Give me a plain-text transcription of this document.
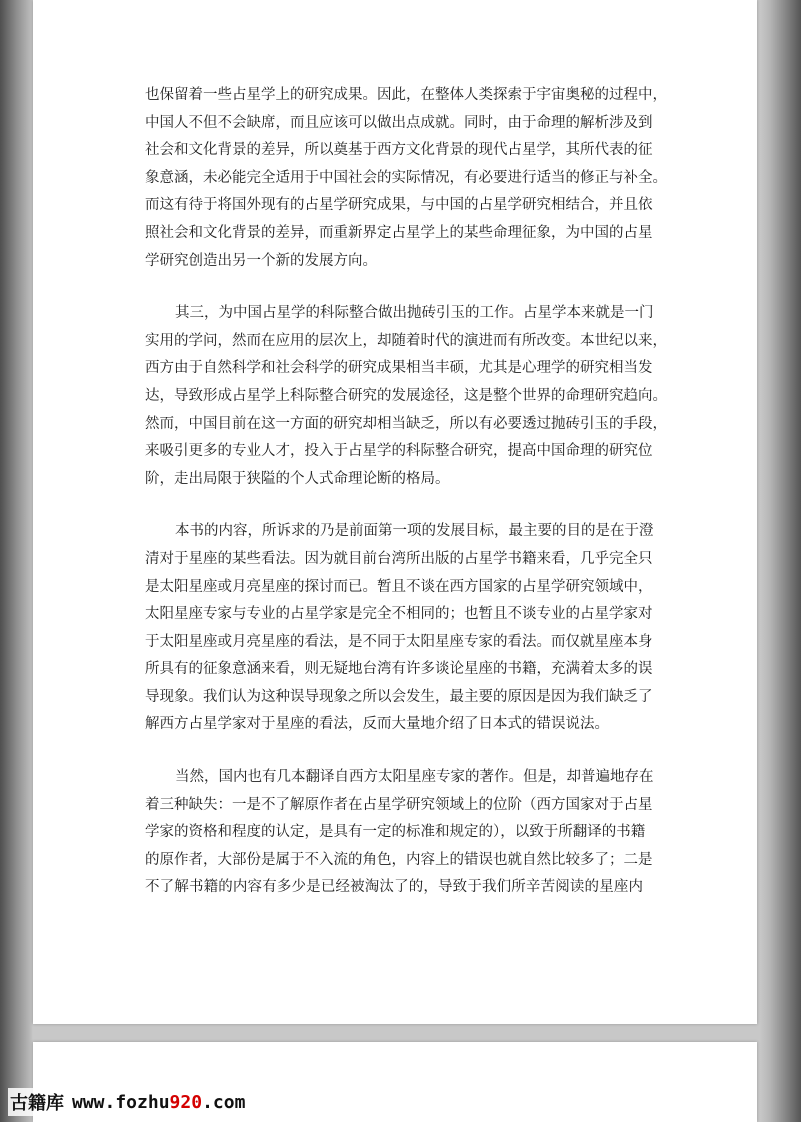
也保留着一些占星学上的研究成果。因此，在整体人类探索于宇宙奥秘的过程中，
中国人不但不会缺席，而且应该可以做出点成就。同时，由于命理的解析涉及到
社会和文化背景的差异，所以奠基于西方文化背景的现代占星学，其所代表的征
象意涵，未必能完全适用于中国社会的实际情况，有必要进行适当的修正与补全。
而这有待于将国外现有的占星学研究成果，与中国的占星学研究相结合，并且依
照社会和文化背景的差异，而重新界定占星学上的某些命理征象，为中国的占星
学研究创造出另一个新的发展方向。

其三，为中国占星学的科际整合做出抛砖引玉的工作。占星学本来就是一门
实用的学问，然而在应用的层次上，却随着时代的演进而有所改变。本世纪以来，
西方由于自然科学和社会科学的研究成果相当丰硕，尤其是心理学的研究相当发
达，导致形成占星学上科际整合研究的发展途径，这是整个世界的命理研究趋向。
然而，中国目前在这一方面的研究却相当缺乏，所以有必要透过抛砖引玉的手段，
来吸引更多的专业人才，投入于占星学的科际整合研究，提高中国命理的研究位
阶，走出局限于狭隘的个人式命理论断的格局。

本书的内容，所诉求的乃是前面第一项的发展目标，最主要的目的是在于澄
清对于星座的某些看法。因为就目前台湾所出版的占星学书籍来看，几乎完全只
是太阳星座或月亮星座的探讨而已。暂且不谈在西方国家的占星学研究领域中，
太阳星座专家与专业的占星学家是完全不相同的；也暂且不谈专业的占星学家对
于太阳星座或月亮星座的看法，是不同于太阳星座专家的看法。而仅就星座本身
所具有的征象意涵来看，则无疑地台湾有许多谈论星座的书籍，充满着太多的误
导现象。我们认为这种误导现象之所以会发生，最主要的原因是因为我们缺乏了
解西方占星学家对于星座的看法，反而大量地介绍了日本式的错误说法。

当然，国内也有几本翻译自西方太阳星座专家的著作。但是，却普遍地存在
着三种缺失：一是不了解原作者在占星学研究领域上的位阶（西方国家对于占星
学家的资格和程度的认定，是具有一定的标准和规定的），以致于所翻译的书籍
的原作者，大部份是属于不入流的角色，内容上的错误也就自然比较多了；二是
不了解书籍的内容有多少是已经被淘汰了的，导致于我们所辛苦阅读的星座内

古籍库 www.fozhu920.com
